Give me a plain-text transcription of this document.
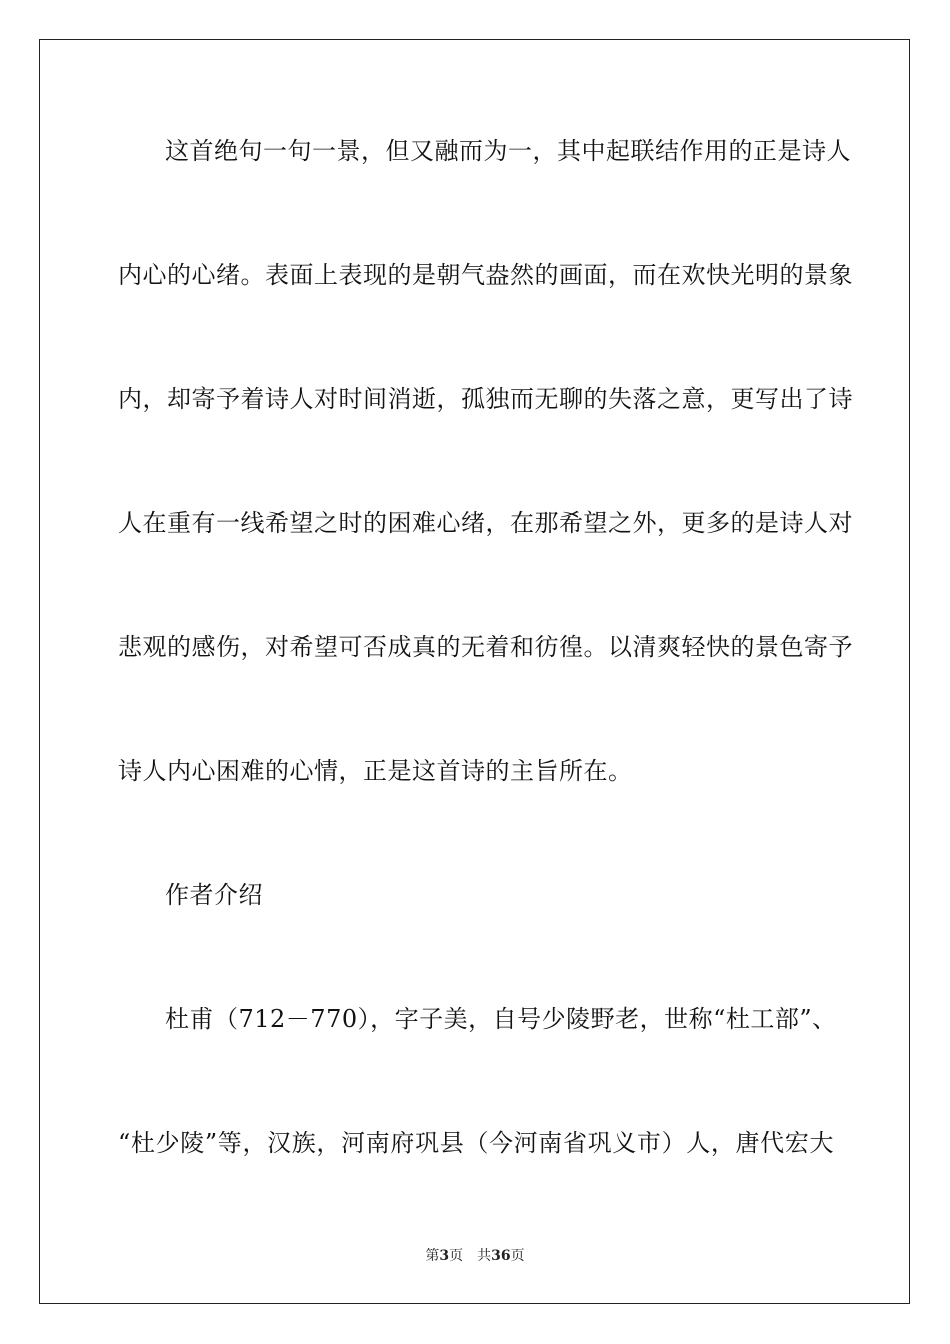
这首绝句一句一景，但又融而为一，其中起联结作用的正是诗人
内心的心绪。表面上表现的是朝气盎然的画面，而在欢快光明的景象
内，却寄予着诗人对时间消逝，孤独而无聊的失落之意，更写出了诗
人在重有一线希望之时的困难心绪，在那希望之外，更多的是诗人对
悲观的感伤，对希望可否成真的无着和彷徨。以清爽轻快的景色寄予
诗人内心困难的心情，正是这首诗的主旨所在。
作者介绍
杜甫（712－770），字子美，自号少陵野老，世称“杜工部”、
“杜少陵”等，汉族，河南府巩县（今河南省巩义市）人，唐代宏大
第3页 共36页
